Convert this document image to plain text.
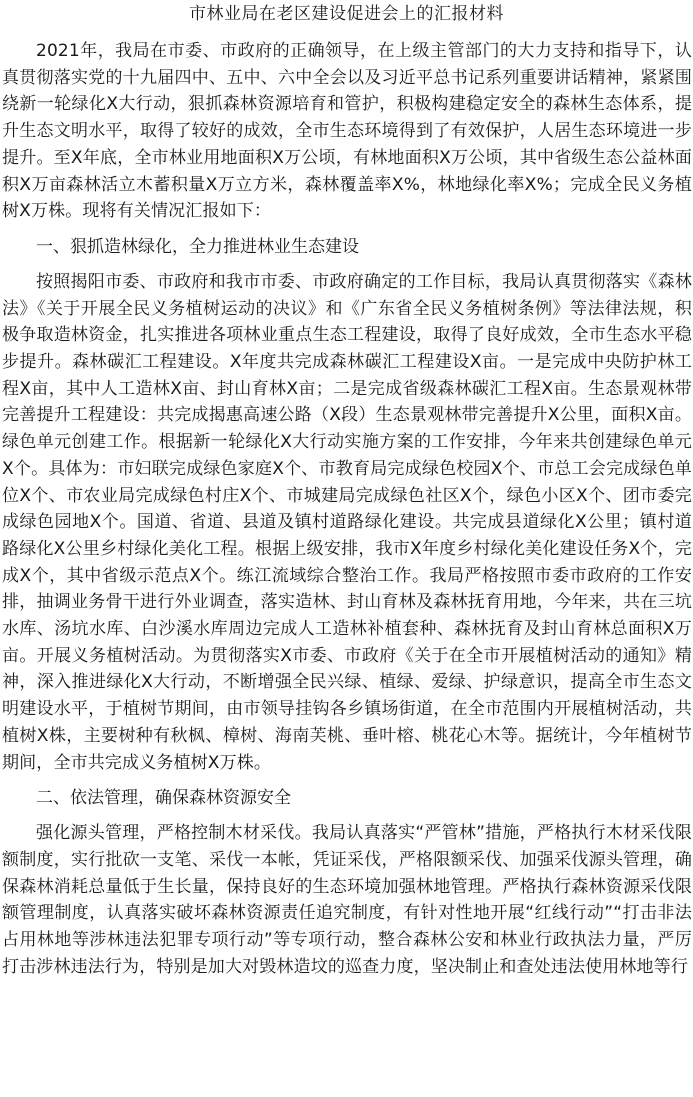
市林业局在老区建设促进会上的汇报材料

2021年，我局在市委、市政府的正确领导，在上级主管部门的大力支持和指导下，认真贯彻落实党的十九届四中、五中、六中全会以及习近平总书记系列重要讲话精神，紧紧围绕新一轮绿化X大行动，狠抓森林资源培育和管护，积极构建稳定安全的森林生态体系，提升生态文明水平，取得了较好的成效，全市生态环境得到了有效保护，人居生态环境进一步提升。至X年底，全市林业用地面积X万公顷，有林地面积X万公顷，其中省级生态公益林面积X万亩森林活立木蓄积量X万立方米，森林覆盖率X%，林地绿化率X%；完成全民义务植树X万株。现将有关情况汇报如下：

一、狠抓造林绿化，全力推进林业生态建设

按照揭阳市委、市政府和我市市委、市政府确定的工作目标，我局认真贯彻落实《森林法》《关于开展全民义务植树运动的决议》和《广东省全民义务植树条例》等法律法规，积极争取造林资金，扎实推进各项林业重点生态工程建设，取得了良好成效，全市生态水平稳步提升。森林碳汇工程建设。X年度共完成森林碳汇工程建设X亩。一是完成中央防护林工程X亩，其中人工造林X亩、封山育林X亩；二是完成省级森林碳汇工程X亩。生态景观林带完善提升工程建设：共完成揭惠高速公路（X段）生态景观林带完善提升X公里，面积X亩。绿色单元创建工作。根据新一轮绿化X大行动实施方案的工作安排，今年来共创建绿色单元X个。具体为：市妇联完成绿色家庭X个、市教育局完成绿色校园X个、市总工会完成绿色单位X个、市农业局完成绿色村庄X个、市城建局完成绿色社区X个，绿色小区X个、团市委完成绿色园地X个。国道、省道、县道及镇村道路绿化建设。共完成县道绿化X公里；镇村道路绿化X公里乡村绿化美化工程。根据上级安排，我市X年度乡村绿化美化建设任务X个，完成X个，其中省级示范点X个。练江流域综合整治工作。我局严格按照市委市政府的工作安排，抽调业务骨干进行外业调查，落实造林、封山育林及森林抚育用地，今年来，共在三坑水库、汤坑水库、白沙溪水库周边完成人工造林补植套种、森林抚育及封山育林总面积X万亩。开展义务植树活动。为贯彻落实X市委、市政府《关于在全市开展植树活动的通知》精神，深入推进绿化X大行动，不断增强全民兴绿、植绿、爱绿、护绿意识，提高全市生态文明建设水平，于植树节期间，由市领导挂钩各乡镇场街道，在全市范围内开展植树活动，共植树X株，主要树种有秋枫、樟树、海南芙桃、垂叶榕、桃花心木等。据统计，今年植树节期间，全市共完成义务植树X万株。

二、依法管理，确保森林资源安全

强化源头管理，严格控制木材采伐。我局认真落实“严管林”措施，严格执行木材采伐限额制度，实行批砍一支笔、采伐一本帐，凭证采伐，严格限额采伐、加强采伐源头管理，确保森林消耗总量低于生长量，保持良好的生态环境加强林地管理。严格执行森林资源采伐限额管理制度，认真落实破坏森林资源责任追究制度，有针对性地开展“红线行动”“打击非法占用林地等涉林违法犯罪专项行动”等专项行动，整合森林公安和林业行政执法力量，严厉打击涉林违法行为，特别是加大对毁林造坟的巡查力度，坚决制止和查处违法使用林地等行
